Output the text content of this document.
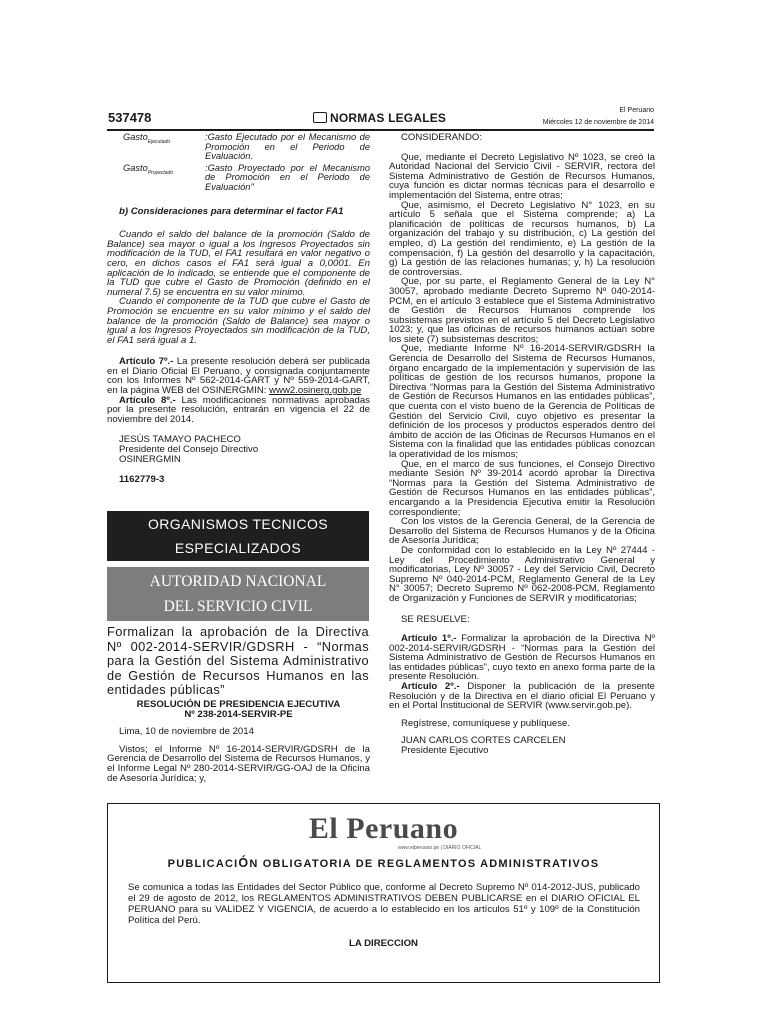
537478	NORMAS LEGALES
El Peruano
Miércoles 12 de noviembre de 2014
Gasto$_{Ejecutado}$	:Gasto Ejecutado por el Mecanismo de Promoción en el Periodo de Evaluación.
Gasto$_{Proyectado}$	:Gasto Proyectado por el Mecanismo de Promoción en el Periodo de Evaluación"

b) Consideraciones para determinar el factor FA1

Cuando el saldo del balance de la promoción (Saldo de Balance) sea mayor o igual a los Ingresos Proyectados sin modificación de la TUD, el FA1 resultará en valor negativo o cero, en dichos casos el FA1 será igual a 0,0001. En aplicación de lo indicado, se entiende que el componente de la TUD que cubre el Gasto de Promoción (definido en el numeral 7.5) se encuentra en su valor mínimo.

Cuando el componente de la TUD que cubre el Gasto de Promoción se encuentre en su valor mínimo y el saldo del balance de la promoción (Saldo de Balance) sea mayor o igual a los Ingresos Proyectados sin modificación de la TUD, el FA1 será igual a 1.

Artículo 7º.- La presente resolución deberá ser publicada en el Diario Oficial El Peruano, y consignada conjuntamente con los Informes Nº 562-2014-GART y Nº 559-2014-GART, en la página WEB del OSINERGMIN: www2.osinerg.gob.pe

Artículo 8º.- Las modificaciones normativas aprobadas por la presente resolución, entrarán en vigencia el 22 de noviembre del 2014.

JESÚS TAMAYO PACHECO

Presidente del Consejo Directivo

OSINERGMIN

1162779-3

ORGANISMOS TECNICOS
ESPECIALIZADOS
AUTORIDAD NACIONAL
DEL SERVICIO CIVIL
Formalizan la aprobación de la Directiva Nº 002-2014-SERVIR/GDSRH - “Normas para la Gestión del Sistema Administrativo de Gestión de Recursos Humanos en las entidades públicas”

RESOLUCIÓN DE PRESIDENCIA EJECUTIVA

Nº 238-2014-SERVIR-PE

Lima, 10 de noviembre de 2014

Vistos; el Informe Nº 16-2014-SERVIR/GDSRH de la Gerencia de Desarrollo del Sistema de Recursos Humanos, y el Informe Legal Nº 280-2014-SERVIR/GG-OAJ de la Oficina de Asesoría Jurídica; y,

CONSIDERANDO:

Que, mediante el Decreto Legislativo Nº 1023, se creó la Autoridad Nacional del Servicio Civil - SERVIR, rectora del Sistema Administrativo de Gestión de Recursos Humanos, cuya función es dictar normas técnicas para el desarrollo e implementación del Sistema, entre otras;

Que, asimismo, el Decreto Legislativo N° 1023, en su artículo 5 señala que el Sistema comprende; a) La planificación de políticas de recursos humanos, b) La organización del trabajo y su distribución, c) La gestión del empleo, d) La gestión del rendimiento, e) La gestión de la compensación, f) La gestión del desarrollo y la capacitación, g) La gestión de las relaciones humanas; y, h) La resolución de controversias.

Que, por su parte, el Reglamento General de la Ley N° 30057, aprobado mediante Decreto Supremo Nº 040-2014-PCM, en el artículo 3 establece que el Sistema Administrativo de Gestión de Recursos Humanos comprende los subsistemas previstos en el artículo 5 del Decreto Legislativo 1023; y, que las oficinas de recursos humanos actúan sobre los siete (7) subsistemas descritos;

Que, mediante Informe Nº 16-2014-SERVIR/GDSRH la Gerencia de Desarrollo del Sistema de Recursos Humanos, órgano encargado de la implementación y supervisión de las políticas de gestión de los recursos humanos, propone la Directiva “Normas para la Gestión del Sistema Administrativo de Gestión de Recursos Humanos en las entidades públicas”, que cuenta con el visto bueno de la Gerencia de Políticas de Gestión del Servicio Civil, cuyo objetivo es presentar la definición de los procesos y productos esperados dentro del ámbito de acción de las Oficinas de Recursos Humanos en el Sistema con la finalidad que las entidades públicas conozcan la operatividad de los mismos;

Que, en el marco de sus funciones, el Consejo Directivo mediante Sesión Nº 39-2014 acordó aprobar la Directiva “Normas para la Gestión del Sistema Administrativo de Gestión de Recursos Humanos en las entidades públicas”, encargando a la Presidencia Ejecutiva emitir la Resolución correspondiente;

Con los vistos de la Gerencia General, de la Gerencia de Desarrollo del Sistema de Recursos Humanos y de la Oficina de Asesoría Jurídica;

De conformidad con lo establecido en la Ley Nº 27444 - Ley del Procedimiento Administrativo General y modificatorias, Ley Nº 30057 - Ley del Servicio Civil, Decreto Supremo Nº 040-2014-PCM, Reglamento General de la Ley N° 30057; Decreto Supremo Nº 062-2008-PCM, Reglamento de Organización y Funciones de SERVIR y modificatorias;

SE RESUELVE:

Artículo 1º.- Formalizar la aprobación de la Directiva Nº 002-2014-SERVIR/GDSRH - “Normas para la Gestión del Sistema Administrativo de Gestión de Recursos Humanos en las entidades públicas”, cuyo texto en anexo forma parte de la presente Resolución.

Artículo 2º.- Disponer la publicación de la presente Resolución y de la Directiva en el diario oficial El Peruano y en el Portal Institucional de SERVIR (www.servir.gob.pe).

Regístrese, comuníquese y publíquese.

JUAN CARLOS CORTES CARCELEN

Presidente Ejecutivo

El Peruano
www.elperuano.pe | DIARIO OFICIAL
PUBLICACIÓN OBLIGATORIA DE REGLAMENTOS ADMINISTRATIVOS
Se comunica a todas las Entidades del Sector Público que, conforme al Decreto Supremo Nº 014-2012-JUS, publicado el 29 de agosto de 2012, los REGLAMENTOS ADMINISTRATIVOS DEBEN PUBLICARSE en el DIARIO OFICIAL EL PERUANO para su VALIDEZ Y VIGENCIA, de acuerdo a lo establecido en los artículos 51º y 109º de la Constitución Política del Perú.
LA DIRECCION
